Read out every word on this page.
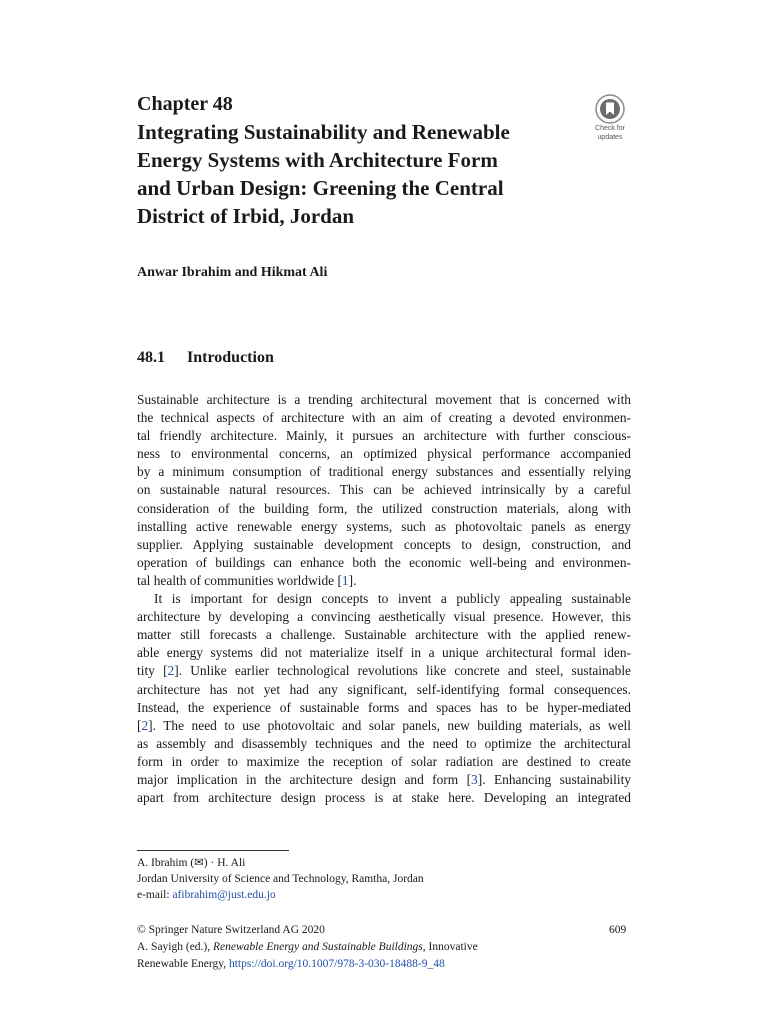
Chapter 48
Integrating Sustainability and Renewable
Energy Systems with Architecture Form
and Urban Design: Greening the Central
District of Irbid, Jordan
Check for
updates
Anwar Ibrahim and Hikmat Ali
48.1 Introduction
Sustainable architecture is a trending architectural movement that is concerned with
the technical aspects of architecture with an aim of creating a devoted environmen-
tal friendly architecture. Mainly, it pursues an architecture with further conscious-
ness to environmental concerns, an optimized physical performance accompanied
by a minimum consumption of traditional energy substances and essentially relying
on sustainable natural resources. This can be achieved intrinsically by a careful
consideration of the building form, the utilized construction materials, along with
installing active renewable energy systems, such as photovoltaic panels as energy
supplier. Applying sustainable development concepts to design, construction, and
operation of buildings can enhance both the economic well-being and environmen-
tal health of communities worldwide [1].
It is important for design concepts to invent a publicly appealing sustainable
architecture by developing a convincing aesthetically visual presence. However, this
matter still forecasts a challenge. Sustainable architecture with the applied renew-
able energy systems did not materialize itself in a unique architectural formal iden-
tity [2]. Unlike earlier technological revolutions like concrete and steel, sustainable
architecture has not yet had any significant, self-identifying formal consequences.
Instead, the experience of sustainable forms and spaces has to be hyper-mediated
[2]. The need to use photovoltaic and solar panels, new building materials, as well
as assembly and disassembly techniques and the need to optimize the architectural
form in order to maximize the reception of solar radiation are destined to create
major implication in the architecture design and form [3]. Enhancing sustainability
apart from architecture design process is at stake here. Developing an integrated
A. Ibrahim (✉) · H. Ali
Jordan University of Science and Technology, Ramtha, Jordan
e-mail: afibrahim@just.edu.jo
© Springer Nature Switzerland AG 2020
A. Sayigh (ed.), Renewable Energy and Sustainable Buildings, Innovative
Renewable Energy, https://doi.org/10.1007/978-3-030-18488-9_48
609
